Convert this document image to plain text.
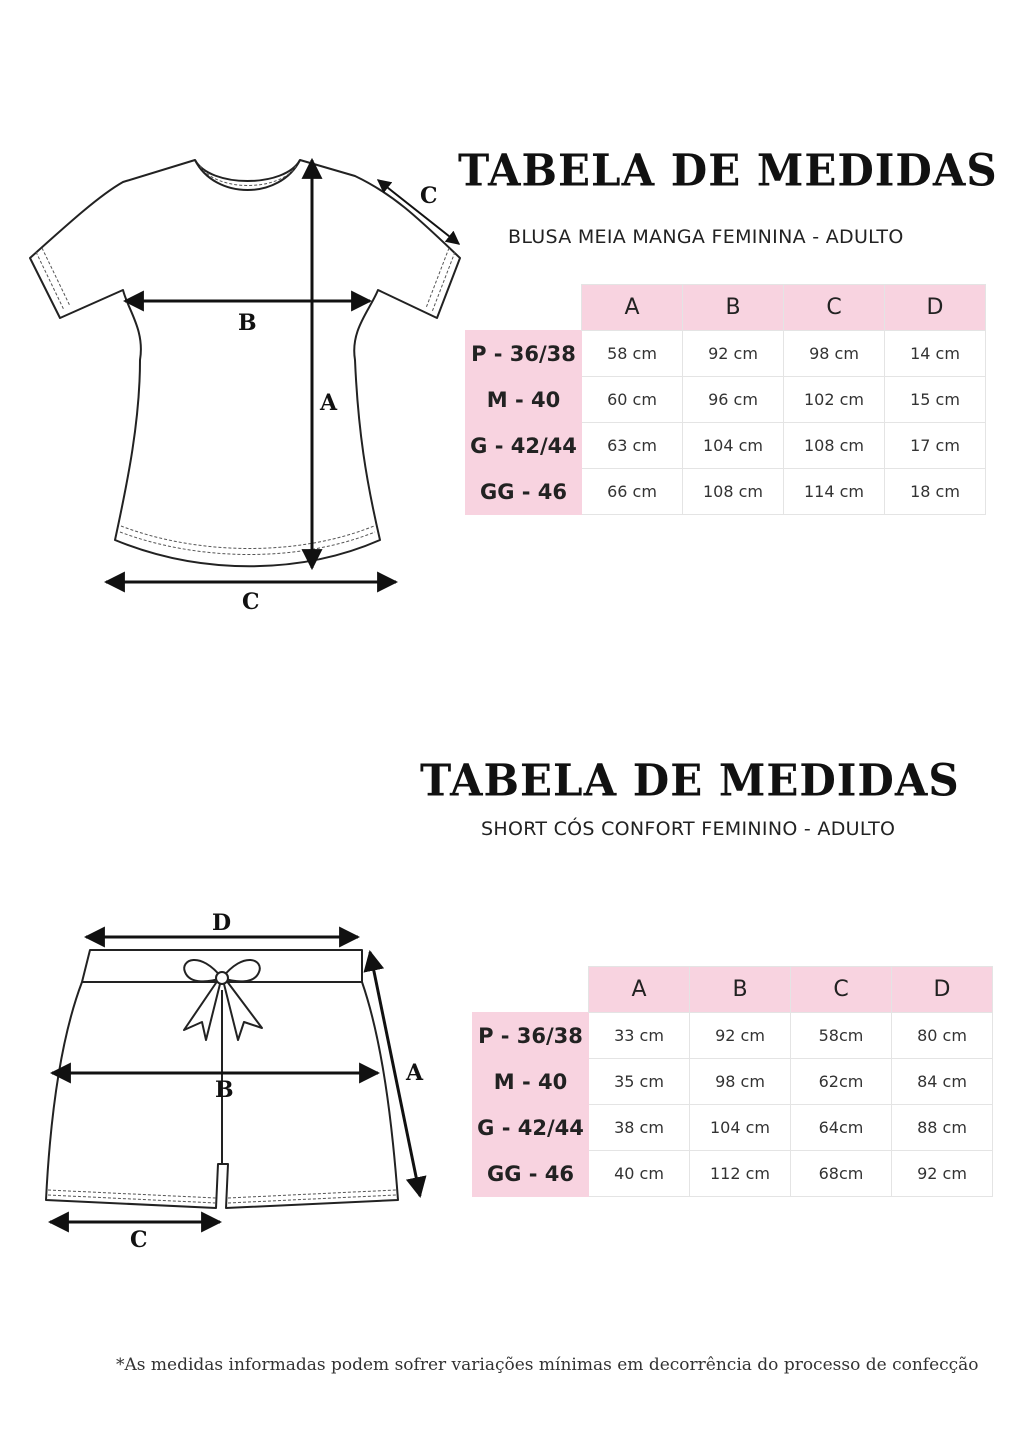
TABELA DE MEDIDAS
BLUSA MEIA MANGA FEMININA - ADULTO
B
A
C
C
	A	B	C	D
P - 36/38	58 cm	92 cm	98 cm	14 cm
M - 40	60 cm	96 cm	102 cm	15 cm
G - 42/44	63 cm	104 cm	108 cm	17 cm
GG - 46	66 cm	108 cm	114 cm	18 cm
TABELA DE MEDIDAS
SHORT CÓS CONFORT FEMININO - ADULTO
D
B
A
C
	A	B	C	D
P - 36/38	33 cm	92 cm	58cm	80 cm
M - 40	35 cm	98 cm	62cm	84 cm
G - 42/44	38 cm	104 cm	64cm	88 cm
GG - 46	40 cm	112 cm	68cm	92 cm
*As medidas informadas podem sofrer variações mínimas em decorrência do processo de confecção
